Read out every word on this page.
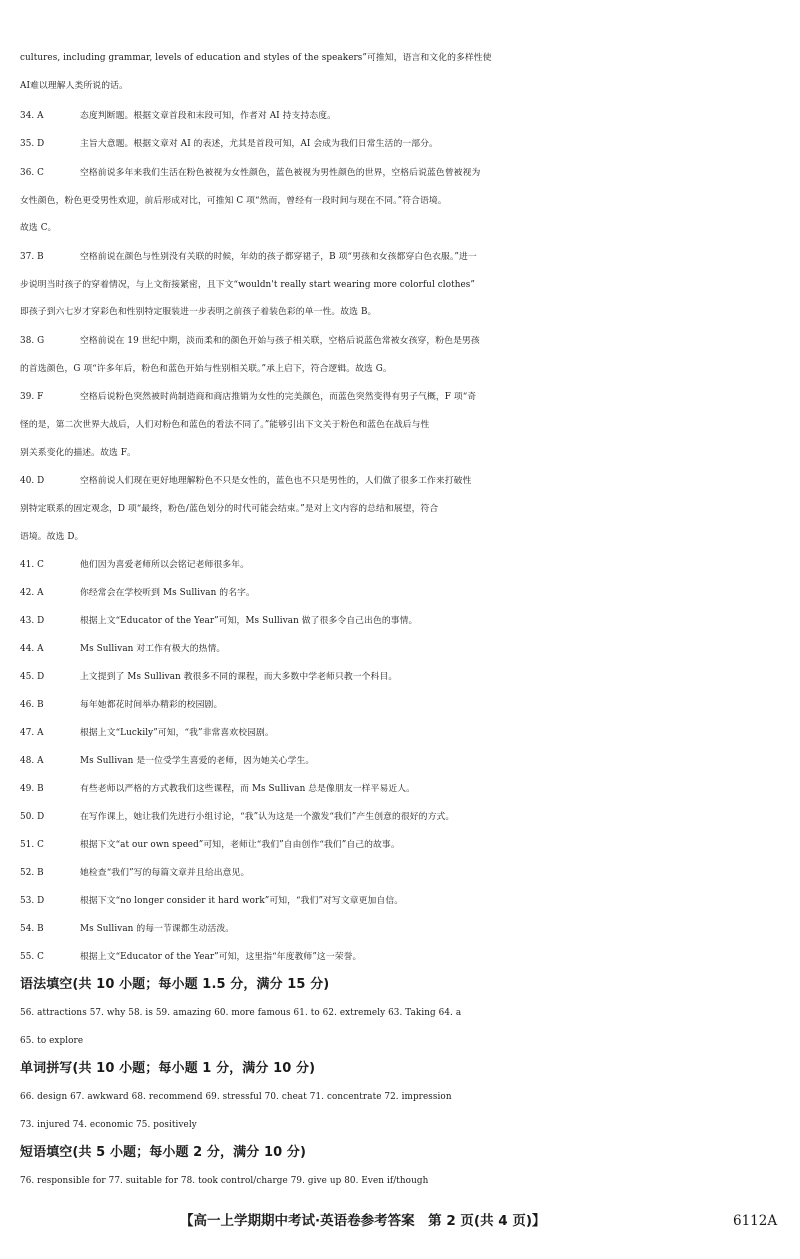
cultures, including grammar, levels of education and styles of the speakers”可推知，语言和文化的多样性使
AI难以理解人类所说的话。
34. A	态度判断题。根据文章首段和末段可知，作者对 AI 持支持态度。
35. D	主旨大意题。根据文章对 AI 的表述，尤其是首段可知，AI 会成为我们日常生活的一部分。
36. C	空格前说多年来我们生活在粉色被视为女性颜色，蓝色被视为男性颜色的世界，空格后说蓝色曾被视为
女性颜色，粉色更受男性欢迎，前后形成对比，可推知 C 项“然而，曾经有一段时间与现在不同。”符合语境。
故选 C。
37. B	空格前说在颜色与性别没有关联的时候，年幼的孩子都穿裙子，B 项“男孩和女孩都穿白色衣服。”进一
步说明当时孩子的穿着情况，与上文衔接紧密，且下文“wouldn't really start wearing more colorful clothes”
即孩子到六七岁才穿彩色和性别特定服装进一步表明之前孩子着装色彩的单一性。故选 B。
38. G	空格前说在 19 世纪中期，淡而柔和的颜色开始与孩子相关联，空格后说蓝色常被女孩穿，粉色是男孩
的首选颜色，G 项“许多年后，粉色和蓝色开始与性别相关联。”承上启下，符合逻辑。故选 G。
39. F	空格后说粉色突然被时尚制造商和商店推销为女性的完美颜色，而蓝色突然变得有男子气概，F 项“奇
怪的是，第二次世界大战后，人们对粉色和蓝色的看法不同了。”能够引出下文关于粉色和蓝色在战后与性
别关系变化的描述。故选 F。
40. D	空格前说人们现在更好地理解粉色不只是女性的，蓝色也不只是男性的，人们做了很多工作来打破性
别特定联系的固定观念，D 项“最终，粉色/蓝色划分的时代可能会结束。”是对上文内容的总结和展望，符合
语境。故选 D。
41. C	他们因为喜爱老师所以会铭记老师很多年。
42. A	你经常会在学校听到 Ms Sullivan 的名字。
43. D	根据上文“Educator of the Year”可知，Ms Sullivan 做了很多令自己出色的事情。
44. A	Ms Sullivan 对工作有极大的热情。
45. D	上文提到了 Ms Sullivan 教很多不同的课程，而大多数中学老师只教一个科目。
46. B	每年她都花时间举办精彩的校园剧。
47. A	根据上文“Luckily”可知，“我”非常喜欢校园剧。
48. A	Ms Sullivan 是一位受学生喜爱的老师，因为她关心学生。
49. B	有些老师以严格的方式教我们这些课程，而 Ms Sullivan 总是像朋友一样平易近人。
50. D	在写作课上，她让我们先进行小组讨论，“我”认为这是一个激发“我们”产生创意的很好的方式。
51. C	根据下文“at our own speed”可知，老师让“我们”自由创作“我们”自己的故事。
52. B	她检查“我们”写的每篇文章并且给出意见。
53. D	根据下文“no longer consider it hard work”可知，“我们”对写文章更加自信。
54. B	Ms Sullivan 的每一节课都生动活泼。
55. C	根据上文“Educator of the Year”可知，这里指“年度教师”这一荣誉。
语法填空(共 10 小题；每小题 1.5 分，满分 15 分)
56. attractions 57. why 58. is 59. amazing 60. more famous 61. to 62. extremely 63. Taking 64. a
65. to explore
单词拼写(共 10 小题；每小题 1 分，满分 10 分)
66. design 67. awkward 68. recommend 69. stressful 70. cheat 71. concentrate 72. impression
73. injured 74. economic 75. positively
短语填空(共 5 小题；每小题 2 分，满分 10 分)
76. responsible for 77. suitable for 78. took control/charge 79. give up 80. Even if/though
【高一上学期期中考试·英语卷参考答案　第 2 页(共 4 页)】	6112A
